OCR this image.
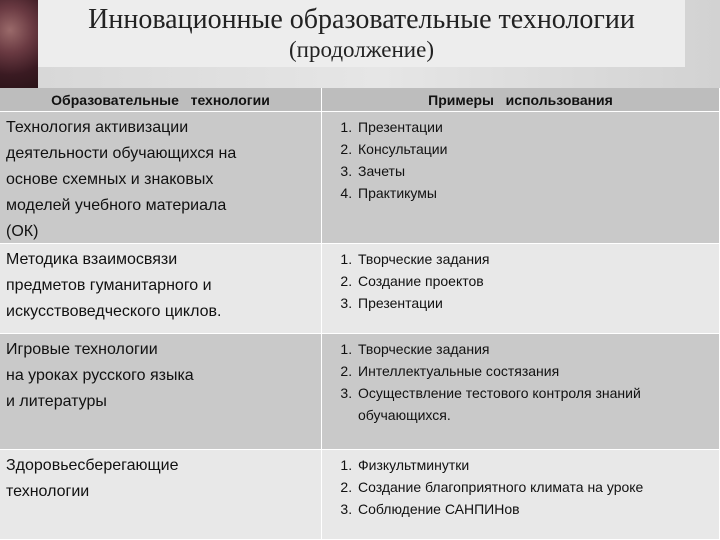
Инновационные образовательные технологии
(продолжение)
Образовательные   технологии	Примеры   использования
Технология активизации
деятельности обучающихся на
основе схемных и знаковых
моделей учебного материала
(ОК)
1. Презентации
2. Консультации
3. Зачеты
4. Практикумы
Методика взаимосвязи
предметов гуманитарного и
искусствоведческого циклов.
1. Творческие задания
2. Создание проектов
3. Презентации
Игровые технологии
на уроках русского языка
и литературы
1. Творческие задания
2. Интеллектуальные состязания
3. Осуществление тестового контроля знаний обучающихся.
Здоровьесберегающие
технологии
1. Физкультминутки
2. Создание благоприятного климата на уроке
3. Соблюдение САНПИНов
